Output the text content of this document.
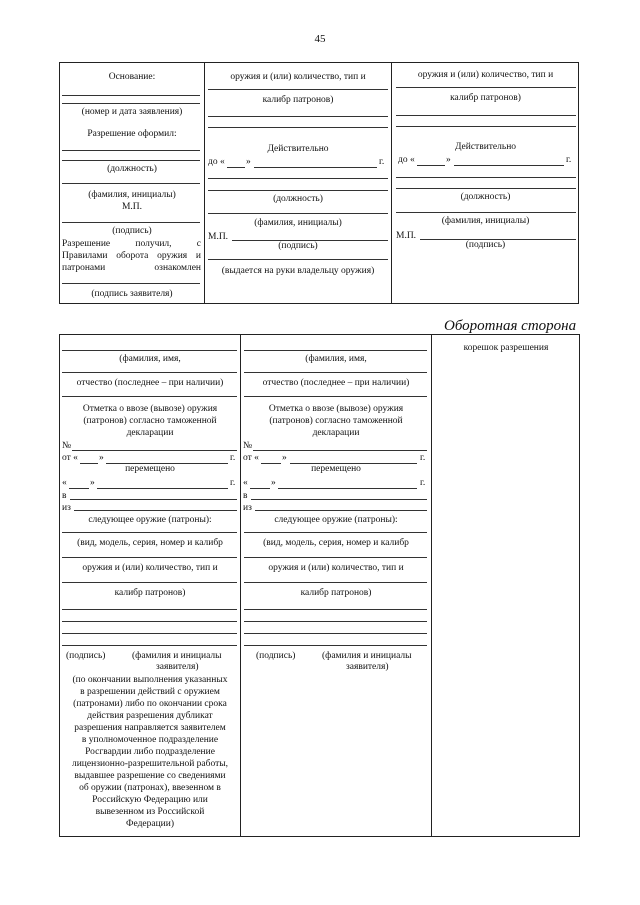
45
Основание:
(номер и дата заявления)
Разрешение оформил:
(должность)
(фамилия, инициалы)
М.П.
(подпись)
Разрешение получил, с
Правилами оборота оружия и
патронами ознакомлен
(подпись заявителя)
оружия и (или) количество, тип и
калибр патронов)
Действительно
до « »	г.
(должность)
(фамилия, инициалы)
М.П.
(подпись)
(выдается на руки владельцу оружия)
оружия и (или) количество, тип и
калибр патронов)
Действительно
до «	»	г.
(должность)
(фамилия, инициалы)
М.П.
(подпись)
Оборотная сторона
(фамилия, имя,
отчество (последнее – при наличии)
Отметка о ввозе (вывозе) оружия
(патронов) согласно таможенной
декларации
№
от « »	г.
перемещено
« »	г.
в
из
следующее оружие (патроны):
(вид, модель, серия, номер и калибр
оружия и (или) количество, тип и
калибр патронов)
(подпись)	(фамилия и инициалы
заявителя)
(по окончании выполнения указанных
в разрешении действий с оружием
(патронами) либо по окончании срока
действия разрешения дубликат
разрешения направляется заявителем
в уполномоченное подразделение
Росгвардии либо подразделение
лицензионно-разрешительной работы,
выдавшее разрешение со сведениями
об оружии (патронах), ввезенном в
Российскую Федерацию или
вывезенном из Российской
Федерации)
(фамилия, имя,
отчество (последнее – при наличии)
Отметка о ввозе (вывозе) оружия
(патронов) согласно таможенной
декларации
№
от « »	г.
перемещено
« »	г.
в
из
следующее оружие (патроны):
(вид, модель, серия, номер и калибр
оружия и (или) количество, тип и
калибр патронов)
(подпись)	(фамилия и инициалы
заявителя)
корешок разрешения
